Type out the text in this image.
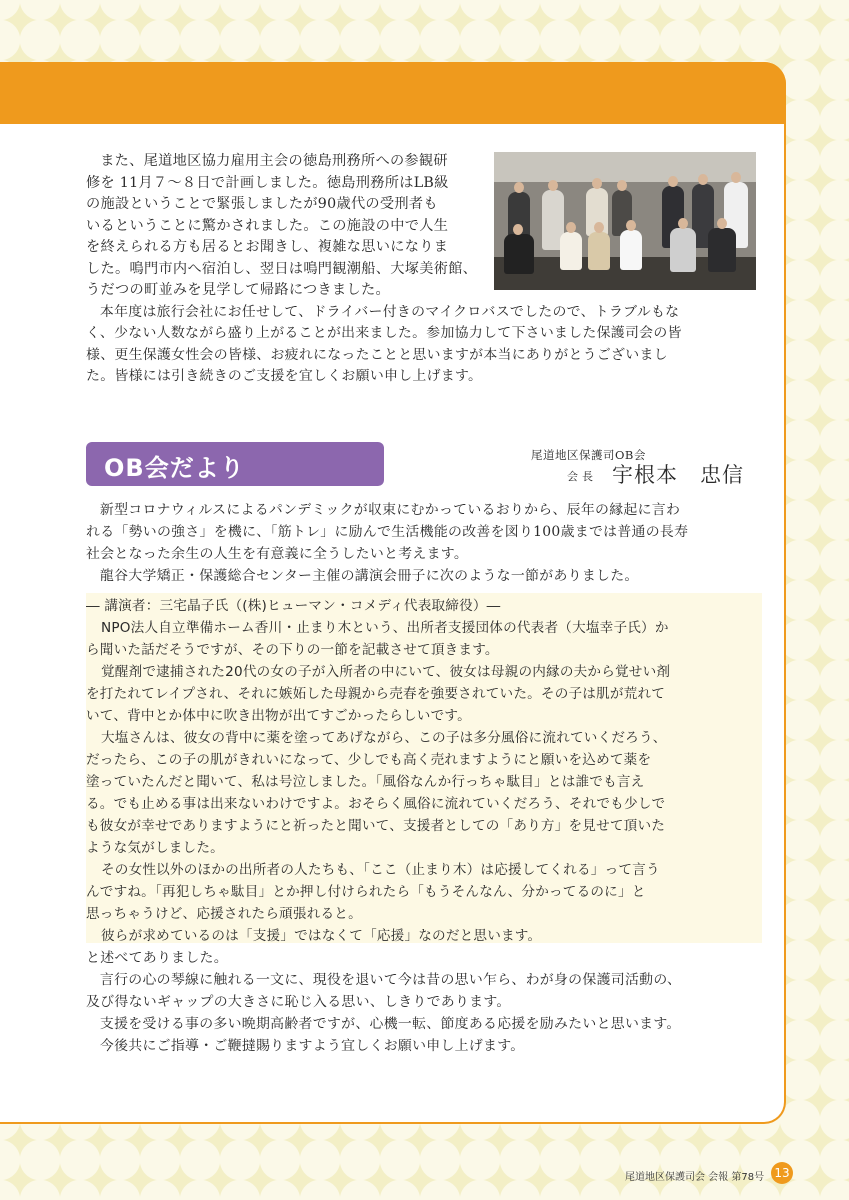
また、尾道地区協力雇用主会の徳島刑務所への参観研

修を 11月７～８日で計画しました。徳島刑務所はLB級

の施設ということで緊張しましたが90歳代の受刑者も

いるということに驚かされました。この施設の中で人生

を終えられる方も居るとお聞きし、複雑な思いになりま

した。鳴門市内へ宿泊し、翌日は鳴門観潮船、大塚美術館、

うだつの町並みを見学して帰路につきました。

本年度は旅行会社にお任せして、ドライバー付きのマイクロバスでしたので、トラブルもな

く、少ない人数ながら盛り上がることが出来ました。参加協力して下さいました保護司会の皆

様、更生保護女性会の皆様、お疲れになったことと思いますが本当にありがとうございまし

た。皆様には引き続きのご支援を宜しくお願い申し上げます。

OB会だより	尾道地区保護司OB会
会長 宇根本　忠信

新型コロナウィルスによるパンデミックが収束にむかっているおりから、辰年の縁起に言わ

れる「勢いの強さ」を機に、「筋トレ」に励んで生活機能の改善を図り100歳までは普通の長寿

社会となった余生の人生を有意義に全うしたいと考えます。

龍谷大学矯正・保護総合センター主催の講演会冊子に次のような一節がありました。

― 講演者：三宅晶子氏（(株)ヒューマン・コメディ代表取締役）―

NPO法人自立準備ホーム香川・止まり木という、出所者支援団体の代表者（大塩幸子氏）か

ら聞いた話だそうですが、その下りの一節を記載させて頂きます。

覚醒剤で逮捕された20代の女の子が入所者の中にいて、彼女は母親の内縁の夫から覚せい剤

を打たれてレイプされ、それに嫉妬した母親から売春を強要されていた。その子は肌が荒れて

いて、背中とか体中に吹き出物が出てすごかったらしいです。

大塩さんは、彼女の背中に薬を塗ってあげながら、この子は多分風俗に流れていくだろう、

だったら、この子の肌がきれいになって、少しでも高く売れますようにと願いを込めて薬を

塗っていたんだと聞いて、私は号泣しました。「風俗なんか行っちゃ駄目」とは誰でも言え

る。でも止める事は出来ないわけですよ。おそらく風俗に流れていくだろう、それでも少しで

も彼女が幸せでありますようにと祈ったと聞いて、支援者としての「あり方」を見せて頂いた

ような気がしました。

その女性以外のほかの出所者の人たちも、「ここ（止まり木）は応援してくれる」って言う

んですね。「再犯しちゃ駄目」とか押し付けられたら「もうそんなん、分かってるのに」と

思っちゃうけど、応援されたら頑張れると。

彼らが求めているのは「支援」ではなくて「応援」なのだと思います。

と述べてありました。

言行の心の琴線に触れる一文に、現役を退いて今は昔の思い乍ら、わが身の保護司活動の、

及び得ないギャップの大きさに恥じ入る思い、しきりであります。

支援を受ける事の多い晩期高齢者ですが、心機一転、節度ある応援を励みたいと思います。

今後共にご指導・ご鞭撻賜りますよう宜しくお願い申し上げます。

尾道地区保護司会 会報 第78号 13
